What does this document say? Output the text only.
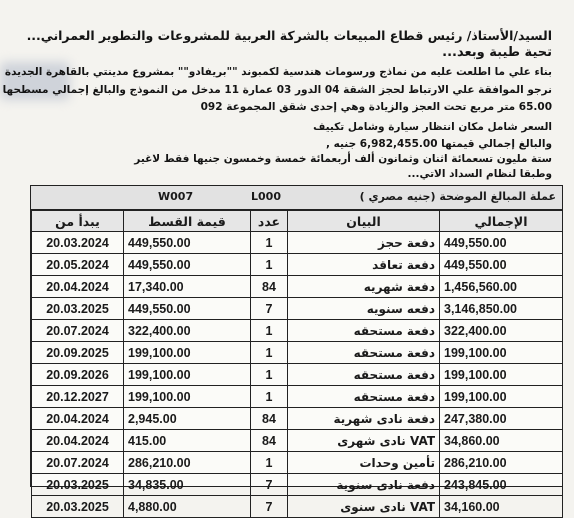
السيد/الأستاذ/ رئيس قطاع المبيعات بالشركة العربية للمشروعات والتطوير العمراني...
تحية طيبة وبعد...
بناء علي ما اطلعت عليه من نماذج ورسومات هندسية لكمبوند ""بريفادو"" بمشروع مدينتي بالقاهرة الجديدة
نرجو الموافقة علي الارتباط لحجز الشقة 04 الدور 03 عمارة 11 مدخل من النموذج والبالغ إجمالي مسطحها
65.00 متر مربع تحت العجز والزيادة وهي إحدى شقق المجموعة 092
السعر شامل مكان انتظار سيارة وشامل تكييف
والبالغ إجمالي قيمتها 6,982,455.00 جنيه ,
ستة مليون تسعمائة اثنان وثمانون ألف أربعمائة خمسة وخمسون جنيها فقط لاغير
وطبقا لنظام السداد الاتي...
W007	L000	عملة المبالغ الموضحة (جنيه مصري )
يبدأ من	قيمة القسط	عدد	البيان	الإجمالي
20.03.2024	449,550.00	1	دفعة حجز	449,550.00
20.05.2024	449,550.00	1	دفعة تعاقد	449,550.00
20.04.2024	17,340.00	84	دفعة شهريه	1,456,560.00
20.03.2025	449,550.00	7	دفعه سنويه	3,146,850.00
20.07.2024	322,400.00	1	دفعة مستحقه	322,400.00
20.09.2025	199,100.00	1	دفعة مستحقه	199,100.00
20.09.2026	199,100.00	1	دفعة مستحقه	199,100.00
20.12.2027	199,100.00	1	دفعة مستحقه	199,100.00
20.04.2024	2,945.00	84	دفعة نادى شهرية	247,380.00
20.04.2024	415.00	84	VAT نادى شهرى	34,860.00
20.07.2024	286,210.00	1	تأمين وحدات	286,210.00
20.03.2025	34,835.00	7	دفعة نادى سنوية	243,845.00
20.03.2025	4,880.00	7	VAT نادى سنوى	34,160.00
